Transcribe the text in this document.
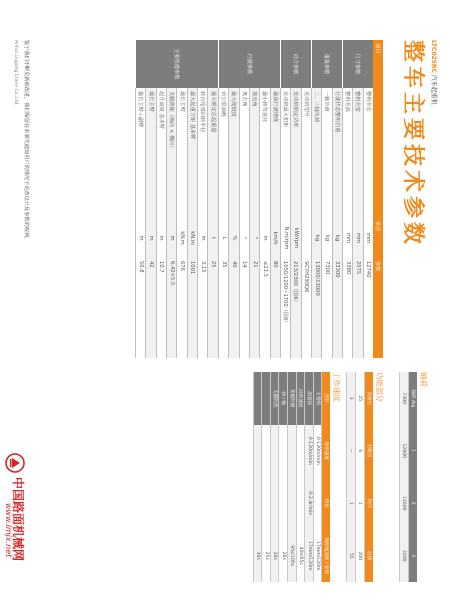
LTC025RC 汽车起重机
整车主要技术参数
项目		单位	参数
尺寸参数	整机全长	mm	12740
	整机全宽	mm	2575
	整机全高	mm	3380
重量参数	行驶状态整机自重	kg	33300
	一轴负荷	kg	7300
	二、三轴负荷	kg	13000/13000
动力参数	发动机型号		SC7H290Q6
	发动机额定功率	kW/rpm	213/2300（国6）
	发动机最大扭矩	N.m/rpm	1050/1200~1700（国6）
行驶参数	最高行驶速度	km/h	80
	最小转弯直径	m	≤21.5
	接近角	°	21
	离去角	°	14
	最大爬坡度	%	40
	百公里油耗	L	35
主要性能参数	最大额定总起重量	t	25
	转台尾部回转半径	m	3.15
	最大起重力矩 基本臂	kN.m	1001
	最长主臂	kN.m	676
	支腿跨距（纵向 × 横向）	m	6.42×5.5
	起升高度 基本臂	m	10.7
	最长主臂	m	42
	最长主臂＋副臂	m	50.8
鉴于我们不断更新和改进，我们保留在未事先通知用户的情况下更改设计及参数的权利。
Anhui Liugong Crane Co.,Ltd.
轴荷
轴荷 /kg	1	2	3
7300	12800	12600	3200
功能部分
前桥点	分配点	转向	后桥
25	6	1	200
3	—	1	55
工作速度
项目	卷扬速度	档位	钢丝绳速度 / 卷筒
主卷扬	0-120m/min		17mm/120m
副卷扬	0-120m/min	0-2.4r/min	17mm/120m
回转速度			40s/65s
变幅时间			95s/105s
伸 / 缩			26s
支腿收放			20s
			25s
			30s
中国路面机械网
www.lmjx.net
